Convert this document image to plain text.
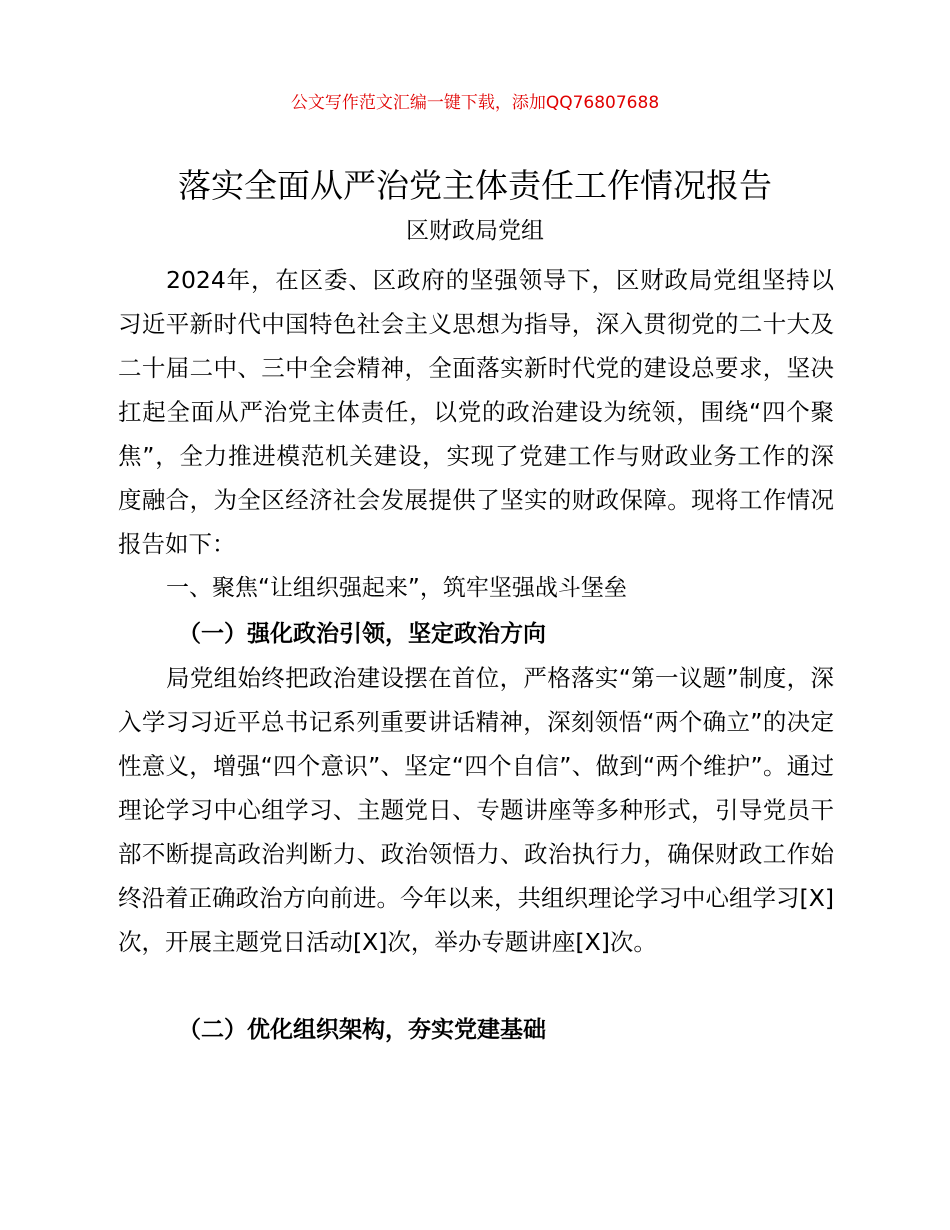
公文写作范文汇编一键下载，添加QQ76807688
落实全面从严治党主体责任工作情况报告
区财政局党组

2024年，在区委、区政府的坚强领导下，区财政局党组坚持以习近平新时代中国特色社会主义思想为指导，深入贯彻党的二十大及二十届二中、三中全会精神，全面落实新时代党的建设总要求，坚决扛起全面从严治党主体责任，以党的政治建设为统领，围绕“四个聚焦”，全力推进模范机关建设，实现了党建工作与财政业务工作的深度融合，为全区经济社会发展提供了坚实的财政保障。现将工作情况报告如下：

一、聚焦“让组织强起来”，筑牢坚强战斗堡垒

（一）强化政治引领，坚定政治方向

局党组始终把政治建设摆在首位，严格落实“第一议题”制度，深入学习习近平总书记系列重要讲话精神，深刻领悟“两个确立”的决定性意义，增强“四个意识”、坚定“四个自信”、做到“两个维护”。通过理论学习中心组学习、主题党日、专题讲座等多种形式，引导党员干部不断提高政治判断力、政治领悟力、政治执行力，确保财政工作始终沿着正确政治方向前进。今年以来，共组织理论学习中心组学习[X]次，开展主题党日活动[X]次，举办专题讲座[X]次。

（二）优化组织架构，夯实党建基础
